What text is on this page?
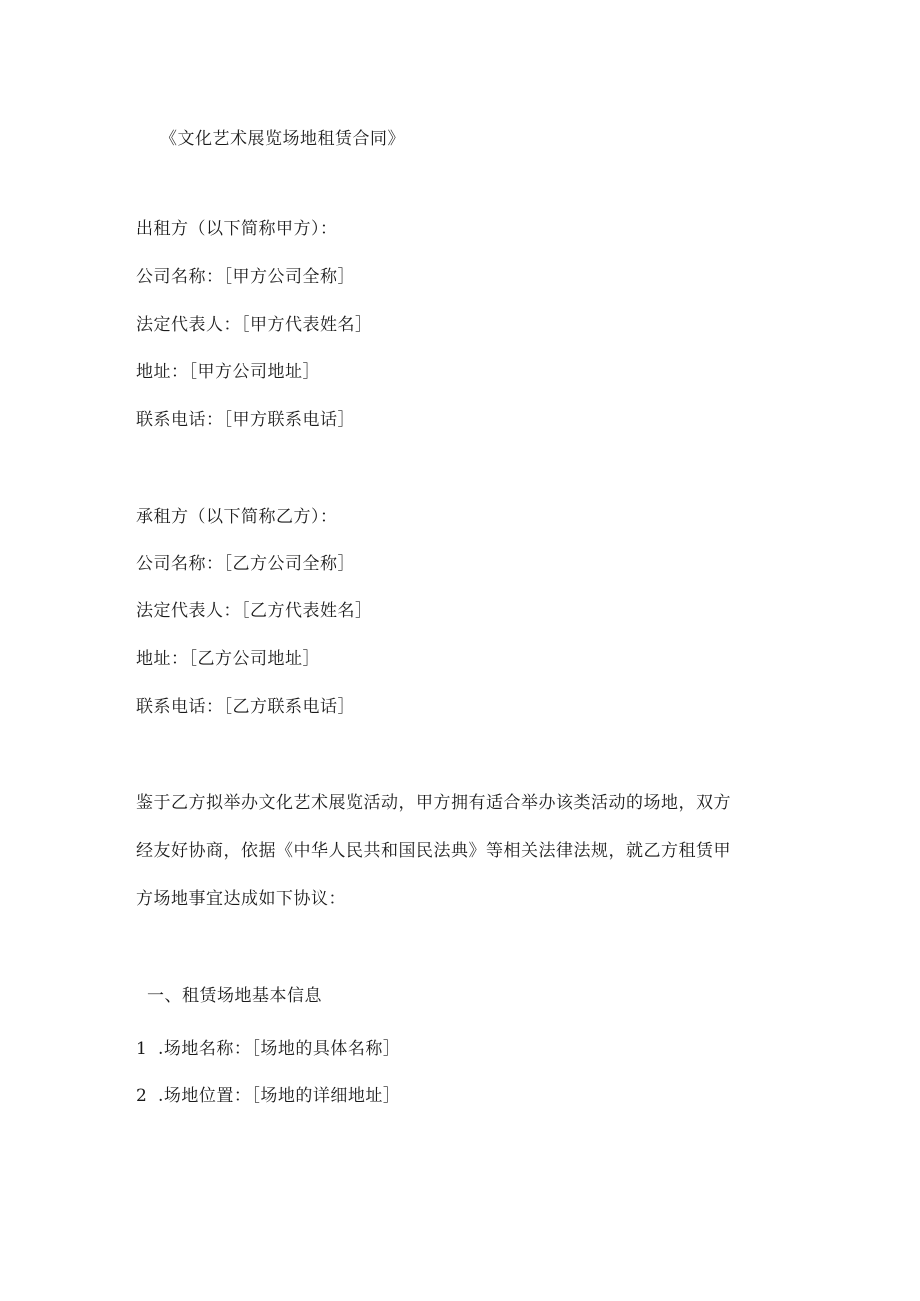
《文化艺术展览场地租赁合同》
出租方（以下简称甲方）：
公司名称：［甲方公司全称］
法定代表人：［甲方代表姓名］
地址：［甲方公司地址］
联系电话：［甲方联系电话］
承租方（以下简称乙方）：
公司名称：［乙方公司全称］
法定代表人：［乙方代表姓名］
地址：［乙方公司地址］
联系电话：［乙方联系电话］
鉴于乙方拟举办文化艺术展览活动，甲方拥有适合举办该类活动的场地，双方
经友好协商，依据《中华人民共和国民法典》等相关法律法规，就乙方租赁甲
方场地事宜达成如下协议：
一、租赁场地基本信息
1 .场地名称：［场地的具体名称］
2 .场地位置：［场地的详细地址］
